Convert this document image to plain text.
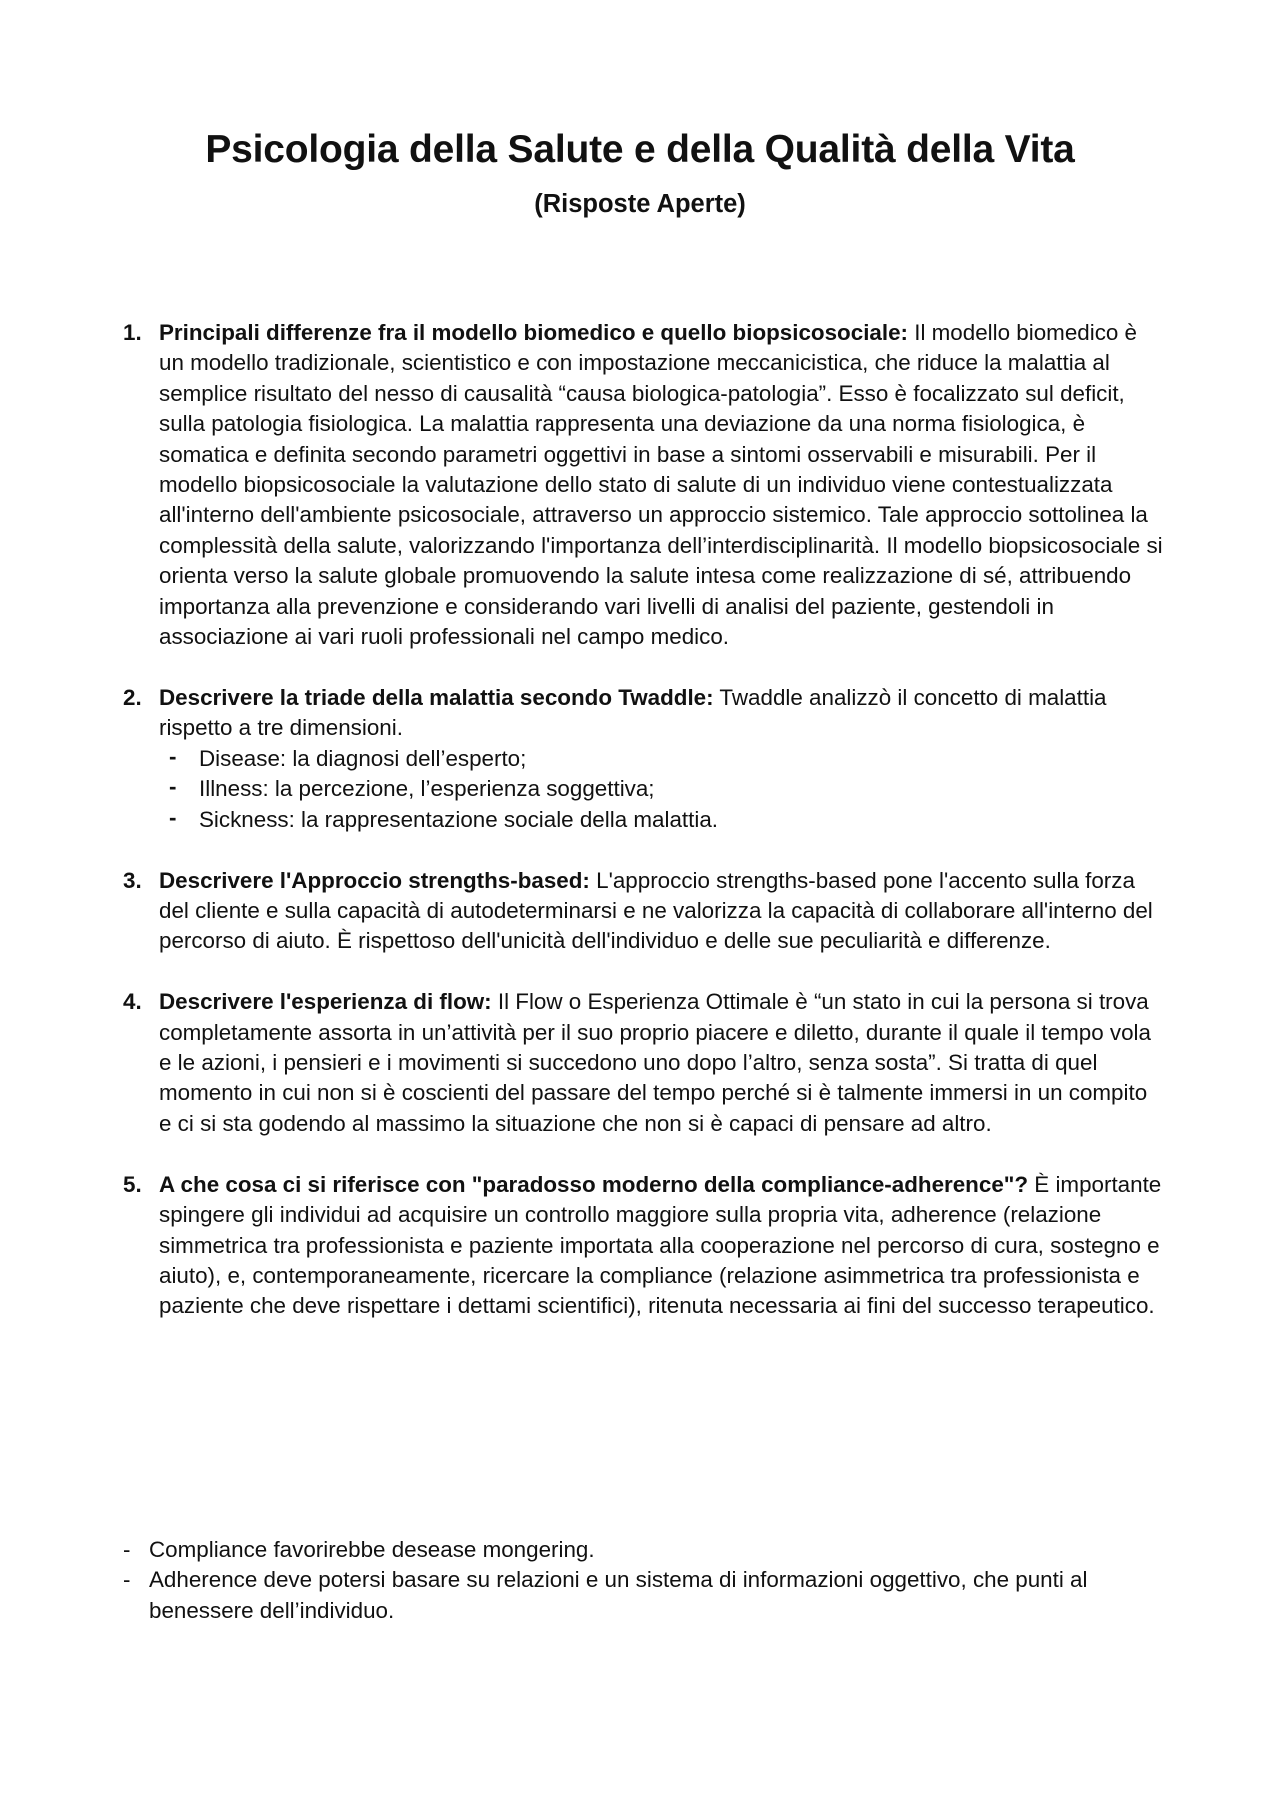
Psicologia della Salute e della Qualità della Vita
(Risposte Aperte)
1. Principali differenze fra il modello biomedico e quello biopsicosociale: Il modello biomedico è un modello tradizionale, scientistico e con impostazione meccanicistica, che riduce la malattia al semplice risultato del nesso di causalità “causa biologica-patologia”. Esso è focalizzato sul deficit, sulla patologia fisiologica. La malattia rappresenta una deviazione da una norma fisiologica, è somatica e definita secondo parametri oggettivi in base a sintomi osservabili e misurabili. Per il modello biopsicosociale la valutazione dello stato di salute di un individuo viene contestualizzata all'interno dell'ambiente psicosociale, attraverso un approccio sistemico. Tale approccio sottolinea la complessità della salute, valorizzando l'importanza dell’interdisciplinarità. Il modello biopsicosociale si orienta verso la salute globale promuovendo la salute intesa come realizzazione di sé, attribuendo importanza alla prevenzione e considerando vari livelli di analisi del paziente, gestendoli in associazione ai vari ruoli professionali nel campo medico.
2. Descrivere la triade della malattia secondo Twaddle: Twaddle analizzò il concetto di malattia rispetto a tre dimensioni.
- Disease: la diagnosi dell’esperto;
- Illness: la percezione, l’esperienza soggettiva;
- Sickness: la rappresentazione sociale della malattia.
3. Descrivere l'Approccio strengths-based: L'approccio strengths-based pone l'accento sulla forza del cliente e sulla capacità di autodeterminarsi e ne valorizza la capacità di collaborare all'interno del percorso di aiuto. È rispettoso dell'unicità dell'individuo e delle sue peculiarità e differenze.
4. Descrivere l'esperienza di flow: Il Flow o Esperienza Ottimale è “un stato in cui la persona si trova completamente assorta in un’attività per il suo proprio piacere e diletto, durante il quale il tempo vola e le azioni, i pensieri e i movimenti si succedono uno dopo l’altro, senza sosta”. Si tratta di quel momento in cui non si è coscienti del passare del tempo perché si è talmente immersi in un compito e ci si sta godendo al massimo la situazione che non si è capaci di pensare ad altro.
5. A che cosa ci si riferisce con "paradosso moderno della compliance-adherence"? È importante spingere gli individui ad acquisire un controllo maggiore sulla propria vita, adherence (relazione simmetrica tra professionista e paziente importata alla cooperazione nel percorso di cura, sostegno e aiuto), e, contemporaneamente, ricercare la compliance (relazione asimmetrica tra professionista e paziente che deve rispettare i dettami scientifici), ritenuta necessaria ai fini del successo terapeutico.
- Compliance favorirebbe desease mongering.
- Adherence deve potersi basare su relazioni e un sistema di informazioni oggettivo, che punti al benessere dell’individuo.
